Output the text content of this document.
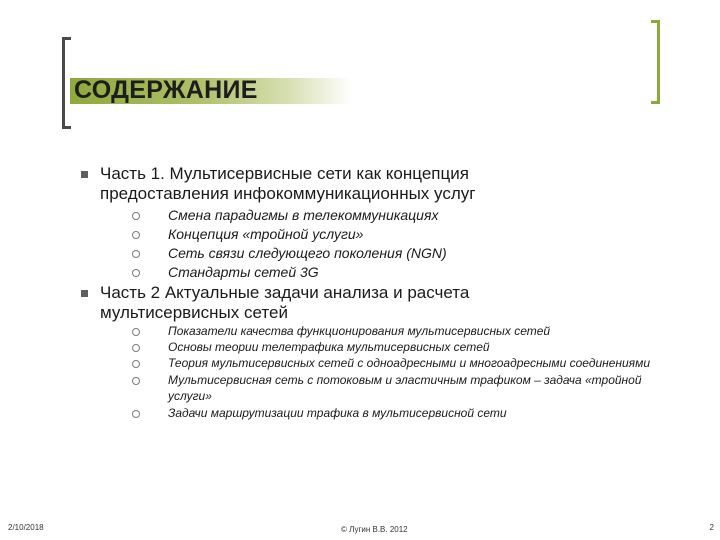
СОДЕРЖАНИЕ
Часть 1. Мультисервисные сети как концепция предоставления инфокоммуникационных услуг
Смена парадигмы в телекоммуникациях
Концепция «тройной услуги»
Сеть связи следующего поколения (NGN)
Стандарты сетей 3G
Часть 2 Актуальные задачи анализа и расчета мультисервисных сетей
Показатели качества функционирования мультисервисных сетей
Основы теории телетрафика мультисервисных сетей
Теория мультисервисных сетей с одноадресными и многоадресными соединениями
Мультисервисная сеть с потоковым и эластичным трафиком – задача «тройной услуги»
Задачи маршрутизации трафика в мультисервисной сети
2/10/2018	© Лугин В.В. 2012	2
